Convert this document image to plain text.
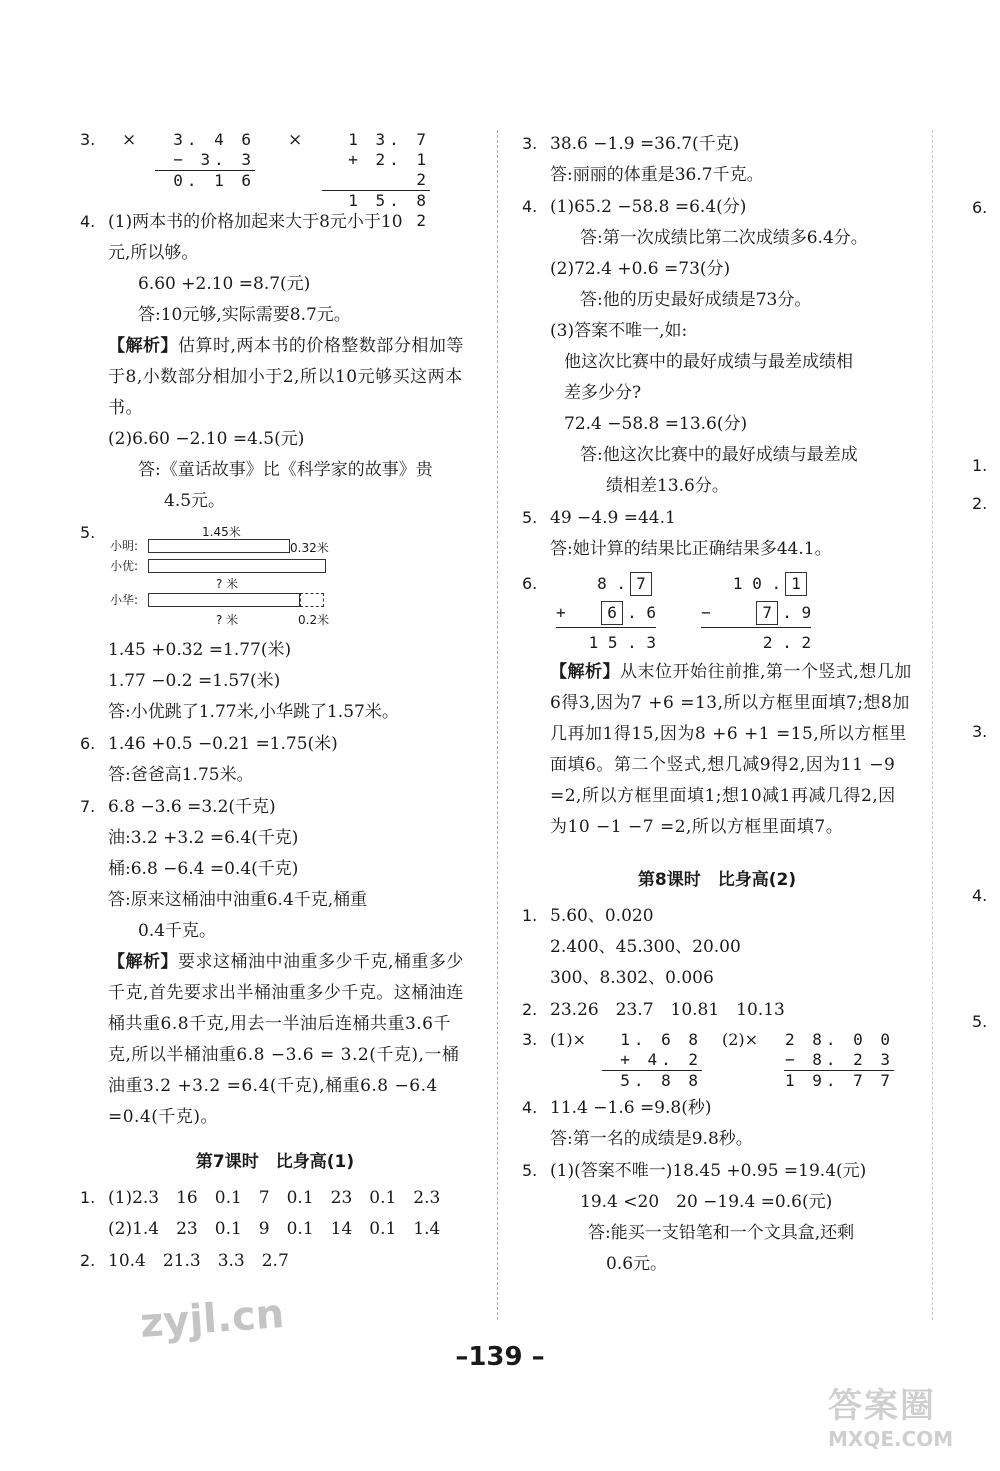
3.	×	3. 4 6
− 3. 3
0. 1 6
×	1 3. 7
+ 2. 1 2
1 5. 8 2
4. (1)两本书的价格加起来大于8元小于10
元,所以够。
6.60 +2.10 =8.7(元)
答:10元够,实际需要8.7元。
【解析】估算时,两本书的价格整数部分相加等于8,小数部分相加小于2,所以10元够买这两本书。
(2)6.60 −2.10 =4.5(元)
答:《童话故事》比《科学家的故事》贵
4.5元。
5.	1.45米
小明:	0.32米
小优:
? 米
小华:
? 米	0.2米
1.45 +0.32 =1.77(米)
1.77 −0.2 =1.57(米)
答:小优跳了1.77米,小华跳了1.57米。
6. 1.46 +0.5 −0.21 =1.75(米)
答:爸爸高1.75米。
7. 6.8 −3.6 =3.2(千克)
油:3.2 +3.2 =6.4(千克)
桶:6.8 −6.4 =0.4(千克)
答:原来这桶油中油重6.4千克,桶重
0.4千克。
【解析】要求这桶油中油重多少千克,桶重多少千克,首先要求出半桶油重多少千克。这桶油连桶共重6.8千克,用去一半油后连桶共重3.6千克,所以半桶油重6.8 −3.6 = 3.2(千克),一桶油重3.2 +3.2 =6.4(千克),桶重6.8 −6.4 =0.4(千克)。
第7课时　比身高(1)
1. (1)2.3　16　0.1　7　0.1　23　0.1　2.3
(2)1.4　23　0.1　9　0.1　14　0.1　1.4
2. 10.4　21.3　3.3　2.7
3. 38.6 −1.9 =36.7(千克)
答:丽丽的体重是36.7千克。
4. (1)65.2 −58.8 =6.4(分)
答:第一次成绩比第二次成绩多6.4分。
(2)72.4 +0.6 =73(分)
答:他的历史最好成绩是73分。
(3)答案不唯一,如:
他这次比赛中的最好成绩与最差成绩相
差多少分?
72.4 −58.8 =13.6(分)
答:他这次比赛中的最好成绩与最差成
绩相差13.6分。
5. 49 −4.9 =44.1
答:她计算的结果比正确结果多44.1。
6.	8 . 7
+	6 . 6
1 5 . 3

1 0 . 1
−	7 . 9
2 . 2
【解析】从末位开始往前推,第一个竖式,想几加6得3,因为7 +6 =13,所以方框里面填7;想8加几再加1得15,因为8 +6 +1 =15,所以方框里面填6。第二个竖式,想几减9得2,因为11 −9 =2,所以方框里面填1;想10减1再减几得2,因为10 −1 −7 =2,所以方框里面填7。
第8课时　比身高(2)
1. 5.60、0.020
2.400、45.300、20.00
300、8.302、0.006
2. 23.26　23.7　10.81　10.13
3. (1)×	1. 6 8
+ 4. 2
5. 8 8
(2)× 2 8. 0 0
− 8. 2 3
1 9. 7 7
4. 11.4 −1.6 =9.8(秒)
答:第一名的成绩是9.8秒。
5. (1)(答案不唯一)18.45 +0.95 =19.4(元)
19.4 <20　20 −19.4 =0.6(元)
答:能买一支铅笔和一个文具盒,还剩
0.6元。
6.
1.
2.
3.
4.
5.
zyjl.cn
–139 –
答案圈
MXQE.COM
